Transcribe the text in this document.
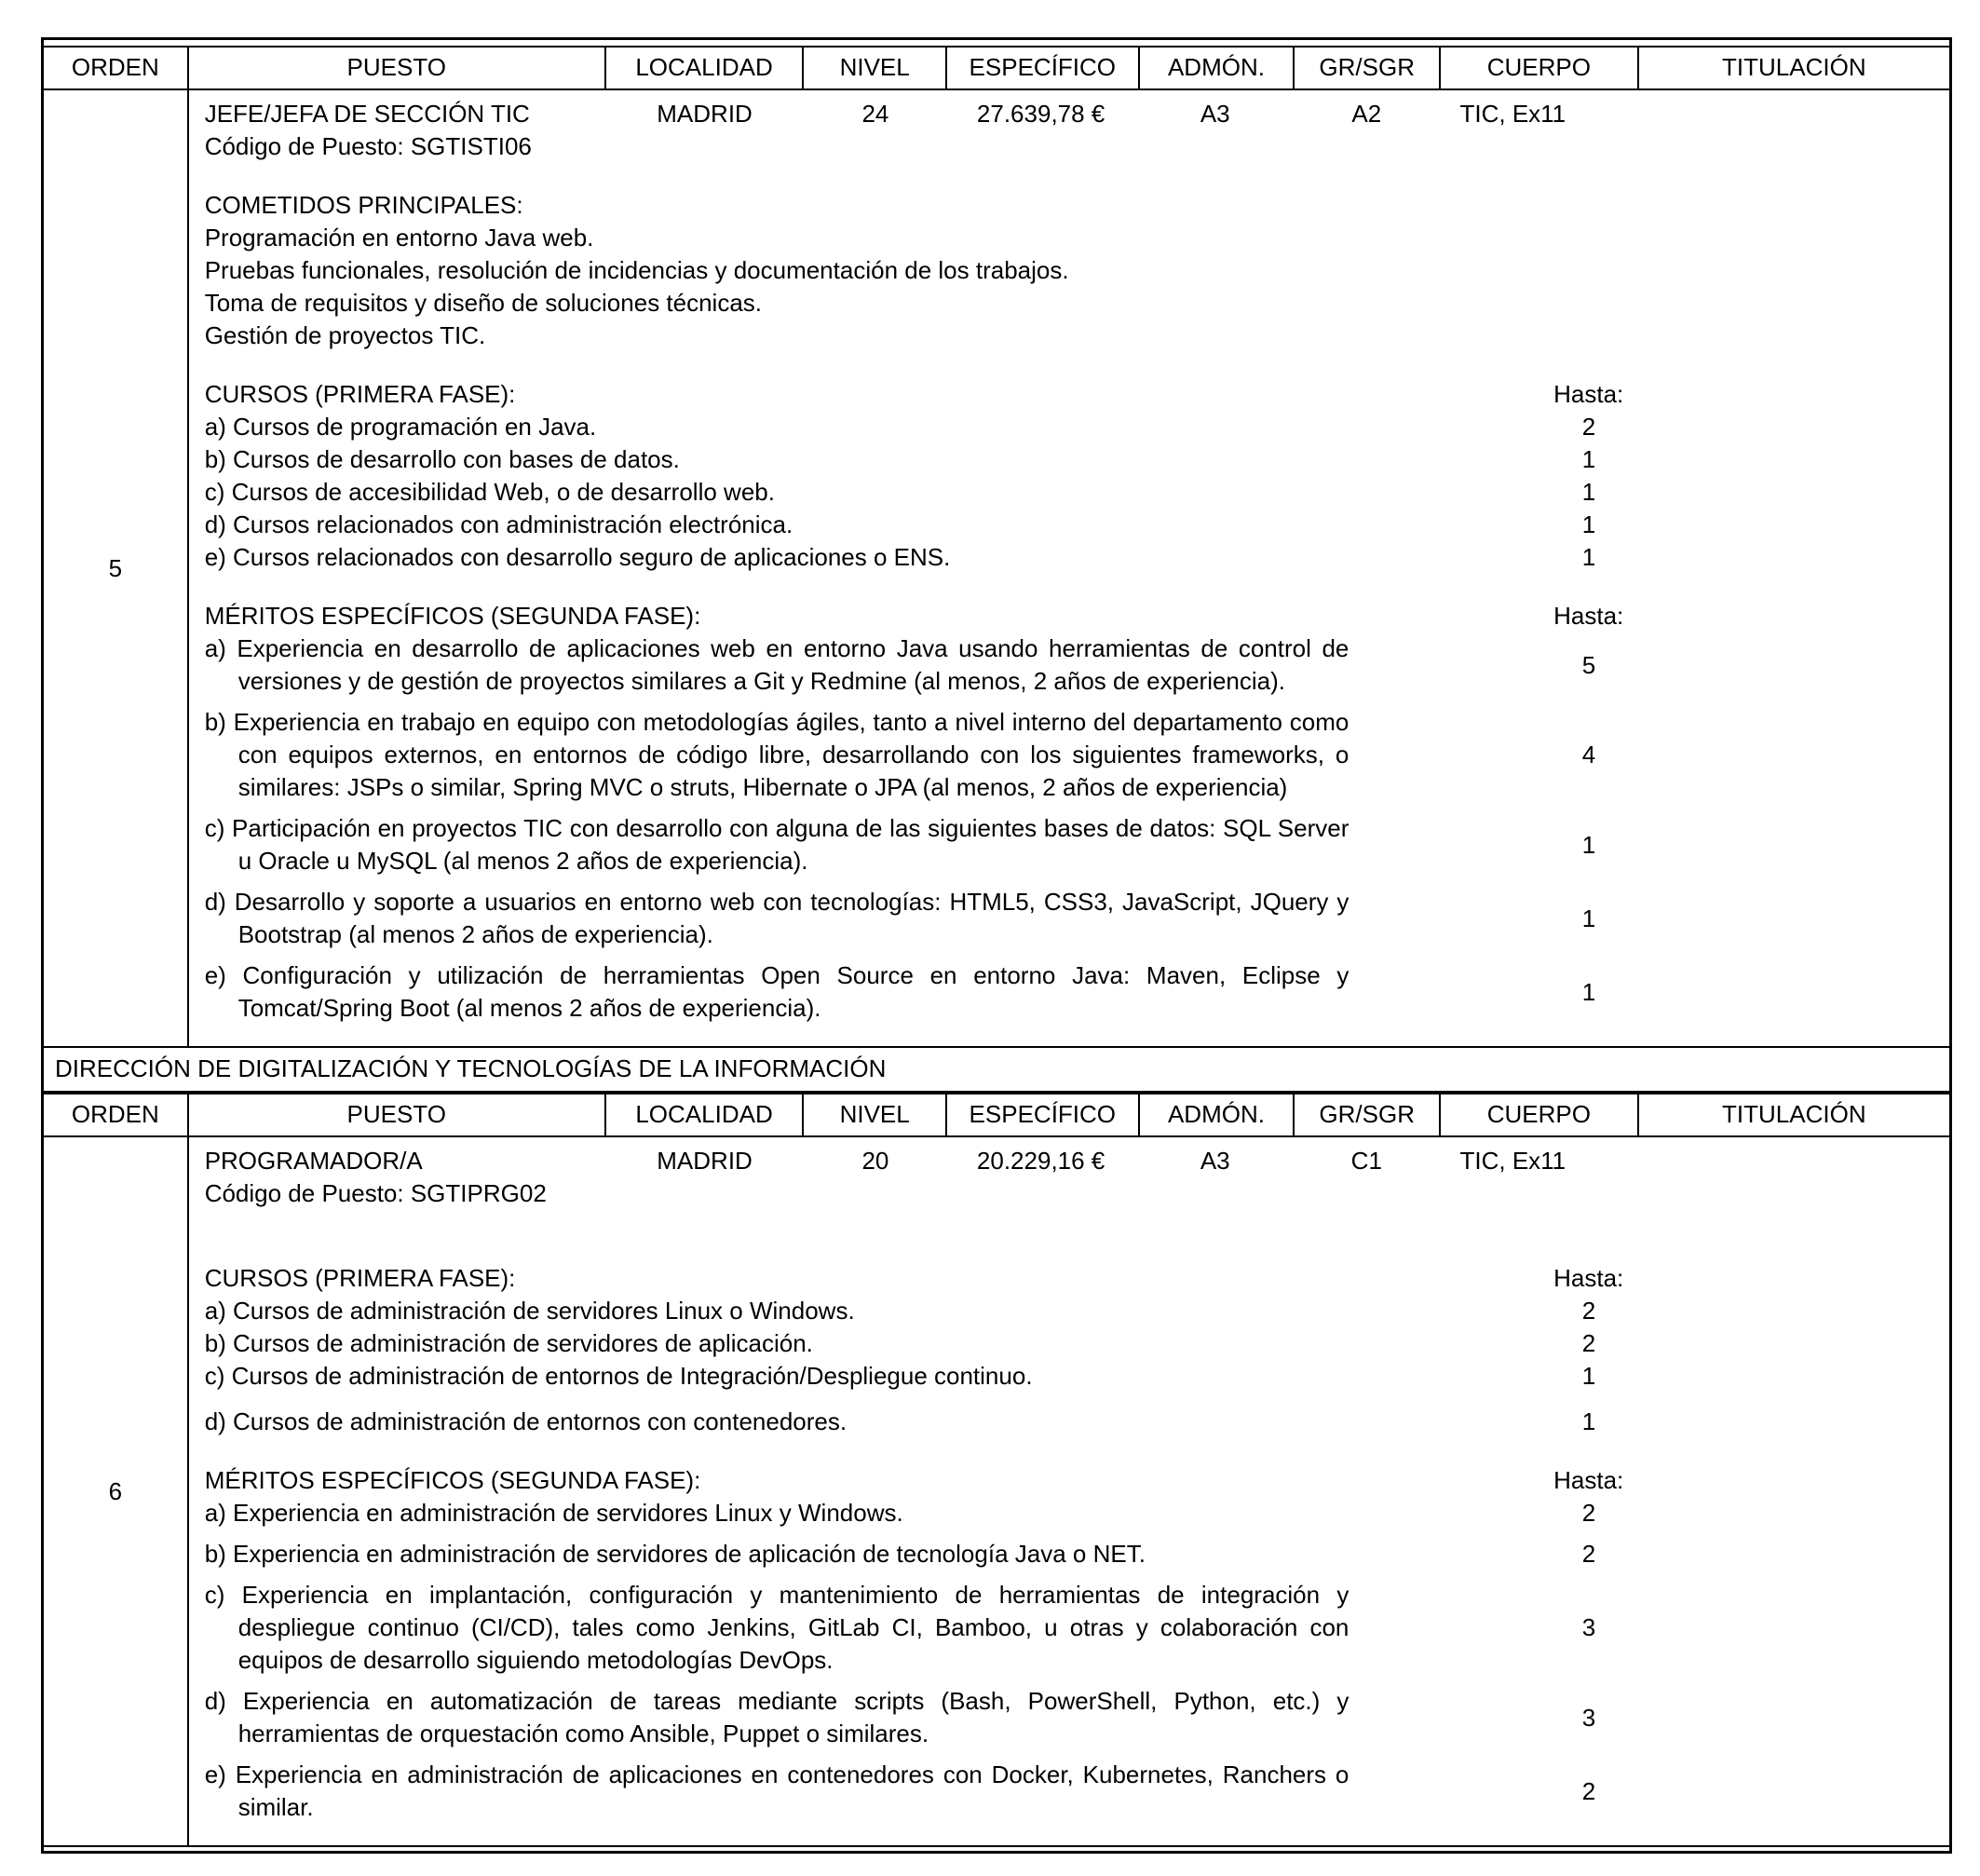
ORDEN	PUESTO	LOCALIDAD	NIVEL	ESPECÍFICO	ADMÓN.	GR/SGR	CUERPO	TITULACIÓN
5
JEFE/JEFA DE SECCIÓN TIC	MADRID	24	27.639,78 €	A3	A2	TIC, Ex11
Código de Puesto: SGTISTI06
COMETIDOS PRINCIPALES:
Programación en entorno Java web.
Pruebas funcionales, resolución de incidencias y documentación de los trabajos.
Toma de requisitos y diseño de soluciones técnicas.
Gestión de proyectos TIC.
CURSOS (PRIMERA FASE):	Hasta:
a) Cursos de programación en Java.	2
b) Cursos de desarrollo con bases de datos.	1
c) Cursos de accesibilidad Web, o de desarrollo web.	1
d) Cursos relacionados con administración electrónica.	1
e) Cursos relacionados con desarrollo seguro de aplicaciones o ENS.	1
MÉRITOS ESPECÍFICOS (SEGUNDA FASE):	Hasta:
a) Experiencia en desarrollo de aplicaciones web en entorno Java usando herramientas de control de versiones y de gestión de proyectos similares a Git y Redmine (al menos, 2 años de experiencia).
5
b) Experiencia en trabajo en equipo con metodologías ágiles, tanto a nivel interno del departamento como con equipos externos, en entornos de código libre, desarrollando con los siguientes frameworks, o similares: JSPs o similar, Spring MVC o struts, Hibernate o JPA (al menos, 2 años de experiencia)
4
c) Participación en proyectos TIC con desarrollo con alguna de las siguientes bases de datos: SQL Server u Oracle u MySQL (al menos 2 años de experiencia).
1
d) Desarrollo y soporte a usuarios en entorno web con tecnologías: HTML5, CSS3, JavaScript, JQuery y Bootstrap (al menos 2 años de experiencia).
1
e) Configuración y utilización de herramientas Open Source en entorno Java: Maven, Eclipse y Tomcat/Spring Boot (al menos 2 años de experiencia).
1
DIRECCIÓN DE DIGITALIZACIÓN Y TECNOLOGÍAS DE LA INFORMACIÓN
ORDEN	PUESTO	LOCALIDAD	NIVEL	ESPECÍFICO	ADMÓN.	GR/SGR	CUERPO	TITULACIÓN
6
PROGRAMADOR/A	MADRID	20	20.229,16 €	A3	C1	TIC, Ex11
Código de Puesto: SGTIPRG02
CURSOS (PRIMERA FASE):	Hasta:
a) Cursos de administración de servidores Linux o Windows.	2
b) Cursos de administración de servidores de aplicación.	2
c) Cursos de administración de entornos de Integración/Despliegue continuo.	1
d) Cursos de administración de entornos con contenedores.	1
MÉRITOS ESPECÍFICOS (SEGUNDA FASE):	Hasta:
a) Experiencia en administración de servidores Linux y Windows.	2
b) Experiencia en administración de servidores de aplicación de tecnología Java o NET.	2
c) Experiencia en implantación, configuración y mantenimiento de herramientas de integración y despliegue continuo (CI/CD), tales como Jenkins, GitLab CI, Bamboo, u otras y colaboración con equipos de desarrollo siguiendo metodologías DevOps.
3
d) Experiencia en automatización de tareas mediante scripts (Bash, PowerShell, Python, etc.) y herramientas de orquestación como Ansible, Puppet o similares.
3
e) Experiencia en administración de aplicaciones en contenedores con Docker, Kubernetes, Ranchers o similar.
2
